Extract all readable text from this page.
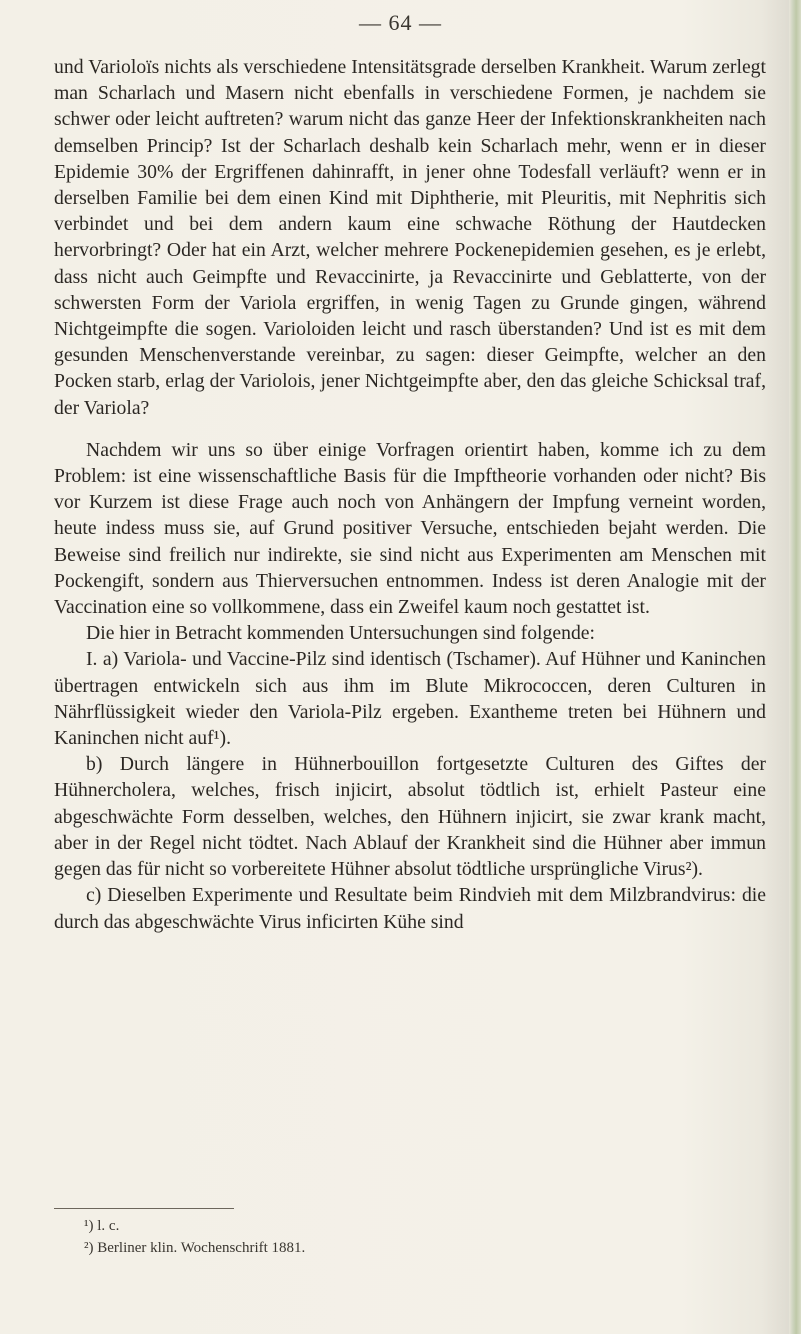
— 64 —

und Varioloïs nichts als verschiedene Intensitätsgrade derselben Krankheit. Warum zerlegt man Scharlach und Masern nicht ebenfalls in verschiedene Formen, je nachdem sie schwer oder leicht auftreten? warum nicht das ganze Heer der Infektionskrankheiten nach demselben Princip? Ist der Scharlach deshalb kein Scharlach mehr, wenn er in dieser Epidemie 30% der Ergriffenen dahinrafft, in jener ohne Todesfall verläuft? wenn er in derselben Familie bei dem einen Kind mit Diphtherie, mit Pleuritis, mit Nephritis sich verbindet und bei dem andern kaum eine schwache Röthung der Hautdecken hervorbringt? Oder hat ein Arzt, welcher mehrere Pockenepidemien gesehen, es je erlebt, dass nicht auch Geimpfte und Revaccinirte, ja Revaccinirte und Geblatterte, von der schwersten Form der Variola ergriffen, in wenig Tagen zu Grunde gingen, während Nichtgeimpfte die sogen. Varioloiden leicht und rasch überstanden? Und ist es mit dem gesunden Menschenverstande vereinbar, zu sagen: dieser Geimpfte, welcher an den Pocken starb, erlag der Variolois, jener Nichtgeimpfte aber, den das gleiche Schicksal traf, der Variola?

Nachdem wir uns so über einige Vorfragen orientirt haben, komme ich zu dem Problem: ist eine wissenschaftliche Basis für die Impftheorie vorhanden oder nicht? Bis vor Kurzem ist diese Frage auch noch von Anhängern der Impfung verneint worden, heute indess muss sie, auf Grund positiver Versuche, entschieden bejaht werden. Die Beweise sind freilich nur indirekte, sie sind nicht aus Experimenten am Menschen mit Pockengift, sondern aus Thierversuchen entnommen. Indess ist deren Analogie mit der Vaccination eine so vollkommene, dass ein Zweifel kaum noch gestattet ist.

Die hier in Betracht kommenden Untersuchungen sind folgende:

I. a) Variola- und Vaccine-Pilz sind identisch (Tschamer). Auf Hühner und Kaninchen übertragen entwickeln sich aus ihm im Blute Mikrococcen, deren Culturen in Nährflüssigkeit wieder den Variola-Pilz ergeben. Exantheme treten bei Hühnern und Kaninchen nicht auf¹).

b) Durch längere in Hühnerbouillon fortgesetzte Culturen des Giftes der Hühnercholera, welches, frisch injicirt, absolut tödtlich ist, erhielt Pasteur eine abgeschwächte Form desselben, welches, den Hühnern injicirt, sie zwar krank macht, aber in der Regel nicht tödtet. Nach Ablauf der Krankheit sind die Hühner aber immun gegen das für nicht so vorbereitete Hühner absolut tödtliche ursprüngliche Virus²).

c) Dieselben Experimente und Resultate beim Rindvieh mit dem Milzbrandvirus: die durch das abgeschwächte Virus inficirten Kühe sind

¹) l. c.
²) Berliner klin. Wochenschrift 1881.
